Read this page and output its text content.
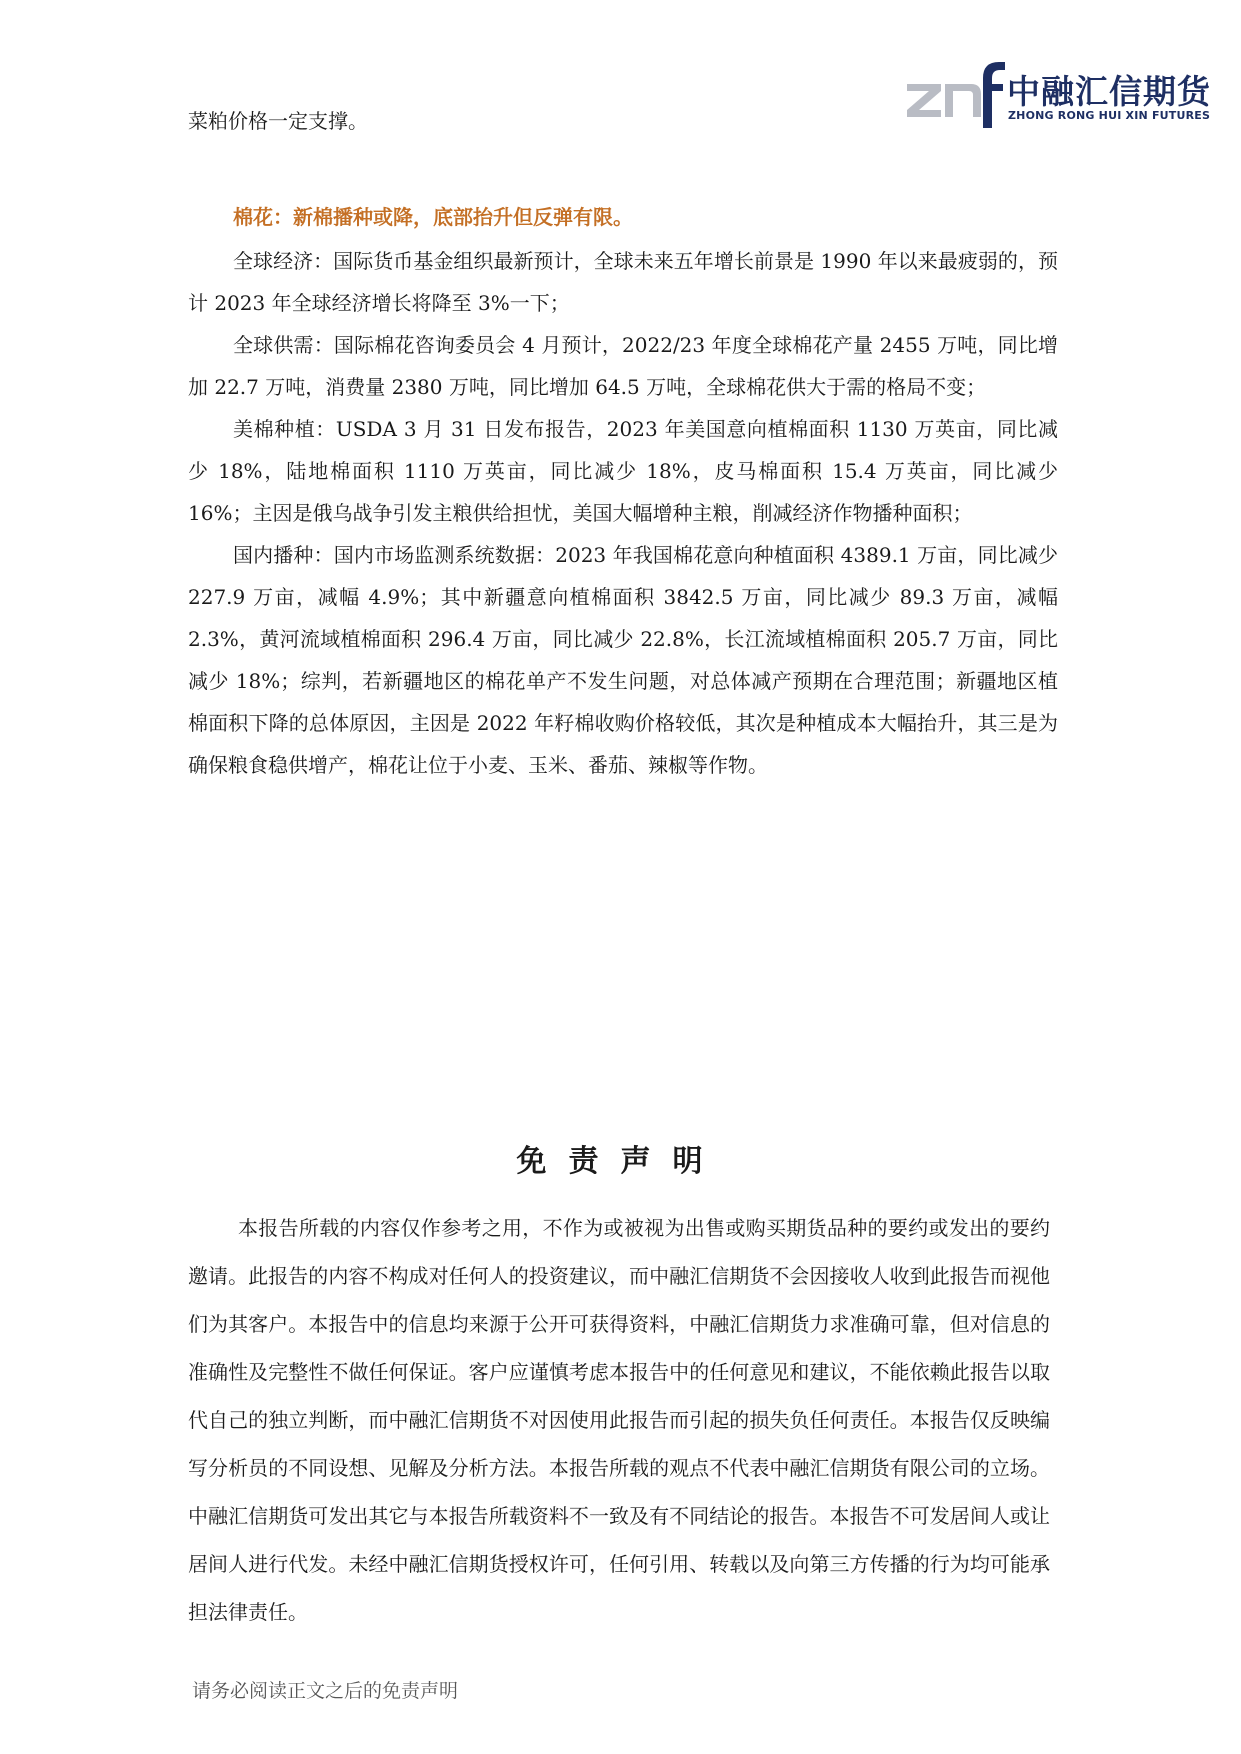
中融汇信期货
ZHONG RONG HUI XIN FUTURES

菜粕价格一定支撑。

棉花：新棉播种或降，底部抬升但反弹有限。

全球经济：国际货币基金组织最新预计，全球未来五年增长前景是 1990 年以来最疲弱的，预计 2023 年全球经济增长将降至 3%一下；

全球供需：国际棉花咨询委员会 4 月预计，2022/23 年度全球棉花产量 2455 万吨，同比增加 22.7 万吨，消费量 2380 万吨，同比增加 64.5 万吨，全球棉花供大于需的格局不变；

美棉种植：USDA 3 月 31 日发布报告，2023 年美国意向植棉面积 1130 万英亩，同比减少 18%，陆地棉面积 1110 万英亩，同比减少 18%，皮马棉面积 15.4 万英亩，同比减少 16%；主因是俄乌战争引发主粮供给担忧，美国大幅增种主粮，削减经济作物播种面积；

国内播种：国内市场监测系统数据：2023 年我国棉花意向种植面积 4389.1 万亩，同比减少 227.9 万亩，减幅 4.9%；其中新疆意向植棉面积 3842.5 万亩，同比减少 89.3 万亩，减幅 2.3%，黄河流域植棉面积 296.4 万亩，同比减少 22.8%，长江流域植棉面积 205.7 万亩，同比减少 18%；综判，若新疆地区的棉花单产不发生问题，对总体减产预期在合理范围；新疆地区植棉面积下降的总体原因，主因是 2022 年籽棉收购价格较低，其次是种植成本大幅抬升，其三是为确保粮食稳供增产，棉花让位于小麦、玉米、番茄、辣椒等作物。

免责声明

本报告所载的内容仅作参考之用，不作为或被视为出售或购买期货品种的要约或发出的要约邀请。此报告的内容不构成对任何人的投资建议，而中融汇信期货不会因接收人收到此报告而视他们为其客户。本报告中的信息均来源于公开可获得资料，中融汇信期货力求准确可靠，但对信息的准确性及完整性不做任何保证。客户应谨慎考虑本报告中的任何意见和建议，不能依赖此报告以取代自己的独立判断，而中融汇信期货不对因使用此报告而引起的损失负任何责任。本报告仅反映编写分析员的不同设想、见解及分析方法。本报告所载的观点不代表中融汇信期货有限公司的立场。中融汇信期货可发出其它与本报告所载资料不一致及有不同结论的报告。本报告不可发居间人或让居间人进行代发。未经中融汇信期货授权许可，任何引用、转载以及向第三方传播的行为均可能承担法律责任。

请务必阅读正文之后的免责声明
